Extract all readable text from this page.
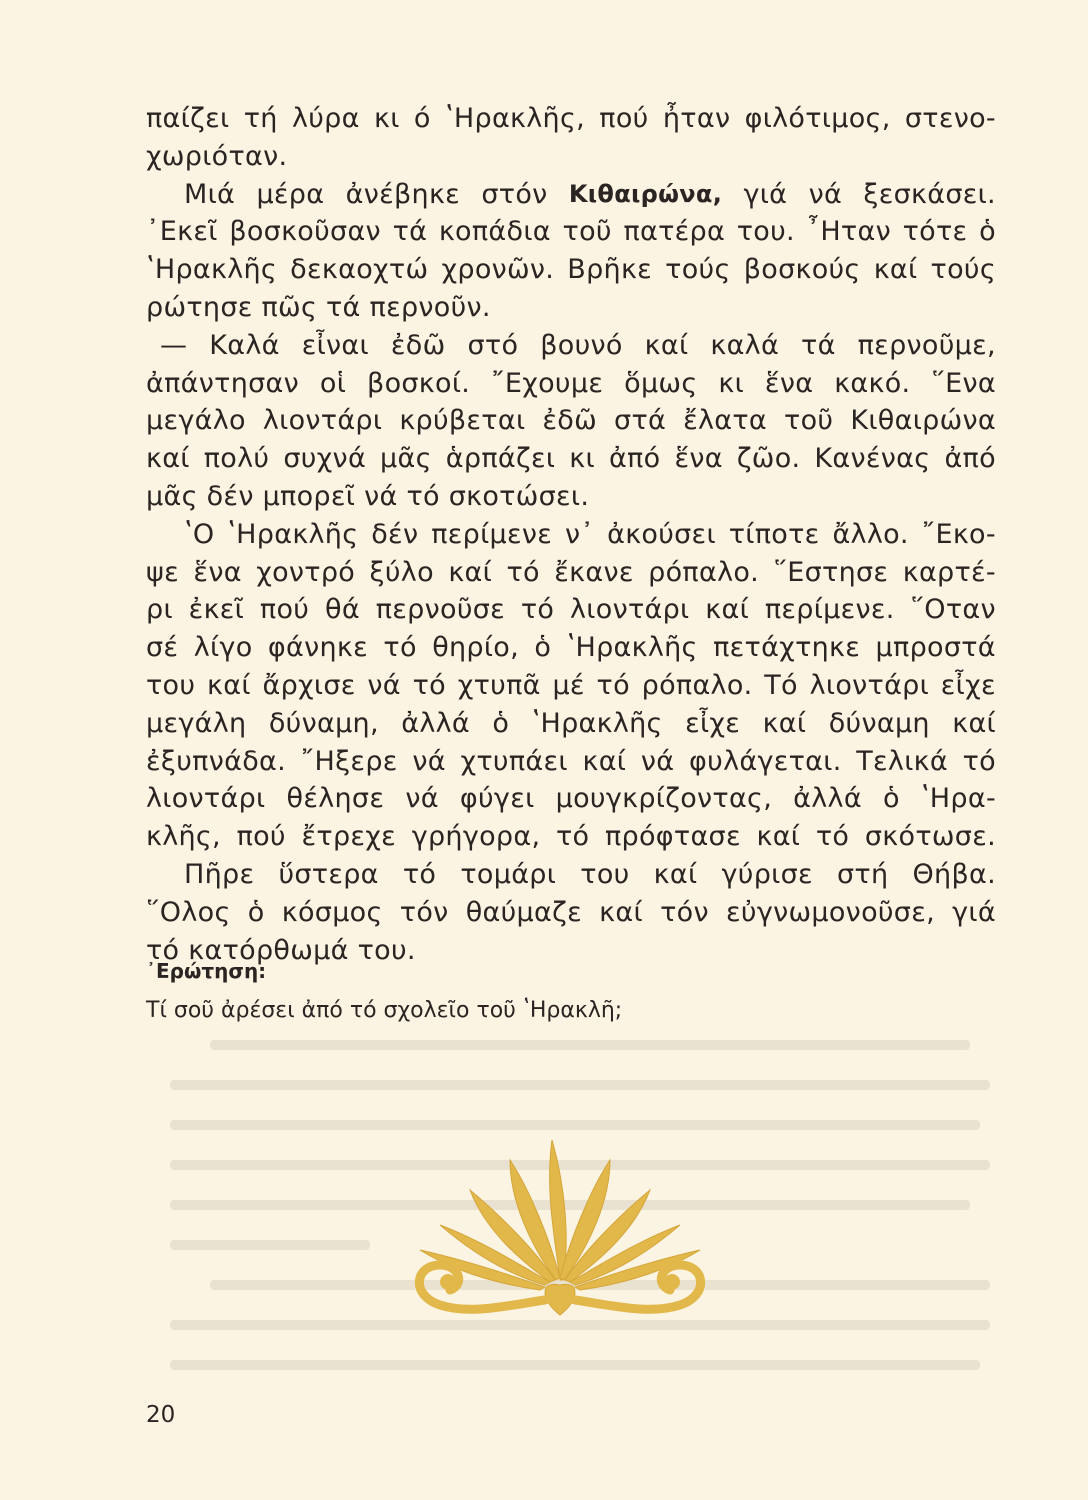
παίζει τή λύρα κι ό ʽΗρακλῆς, πού ἦταν φιλότιμος, στενο-
χωριόταν.
Μιά μέρα ἀνέβηκε στόν Κιθαιρώνα, γιά νά ξεσκάσει.
᾿Εκεῖ βοσκοῦσαν τά κοπάδια τοῦ πατέρα του. ῏Ηταν τότε ὁ
ʽΗρακλῆς δεκαοχτώ χρονῶν. Βρῆκε τούς βοσκούς καί τούς
ρώτησε πῶς τά περνοῦν.
— Καλά εἶναι ἐδῶ στό βουνό καί καλά τά περνοῦμε,
ἀπάντησαν οἱ βοσκοί. ῎Εχουμε ὅμως κι ἕνα κακό. ῞Ενα
μεγάλο λιοντάρι κρύβεται ἐδῶ στά ἔλατα τοῦ Κιθαιρώνα
καί πολύ συχνά μᾶς ἁρπάζει κι ἀπό ἕνα ζῶο. Κανένας ἀπό
μᾶς δέν μπορεῖ νά τό σκοτώσει.
ʽΟ ʽΗρακλῆς δέν περίμενε ν᾿ ἀκούσει τίποτε ἄλλο. ῎Εκο-
ψε ἕνα χοντρό ξύλο καί τό ἔκανε ρόπαλο. ῞Εστησε καρτέ-
ρι ἐκεῖ πού θά περνοῦσε τό λιοντάρι καί περίμενε. ῞Οταν
σέ λίγο φάνηκε τό θηρίο, ὁ ʽΗρακλῆς πετάχτηκε μπροστά
του καί ἄρχισε νά τό χτυπᾶ μέ τό ρόπαλο. Τό λιοντάρι εἶχε
μεγάλη δύναμη, ἀλλά ὁ ʽΗρακλῆς εἶχε καί δύναμη καί
ἐξυπνάδα. ῎Ηξερε νά χτυπάει καί νά φυλάγεται. Τελικά τό
λιοντάρι θέλησε νά φύγει μουγκρίζοντας, ἀλλά ὁ ʽΗρα-
κλῆς, πού ἔτρεχε γρήγορα, τό πρόφτασε καί τό σκότωσε.
Πῆρε ὕστερα τό τομάρι του καί γύρισε στή Θήβα.
῞Ολος ὁ κόσμος τόν θαύμαζε καί τόν εὐγνωμονοῦσε, γιά
τό κατόρθωμά του.
᾿Ερώτηση:
Τί σοῦ ἀρέσει ἀπό τό σχολεῖο τοῦ ʽΗρακλῆ;
20
